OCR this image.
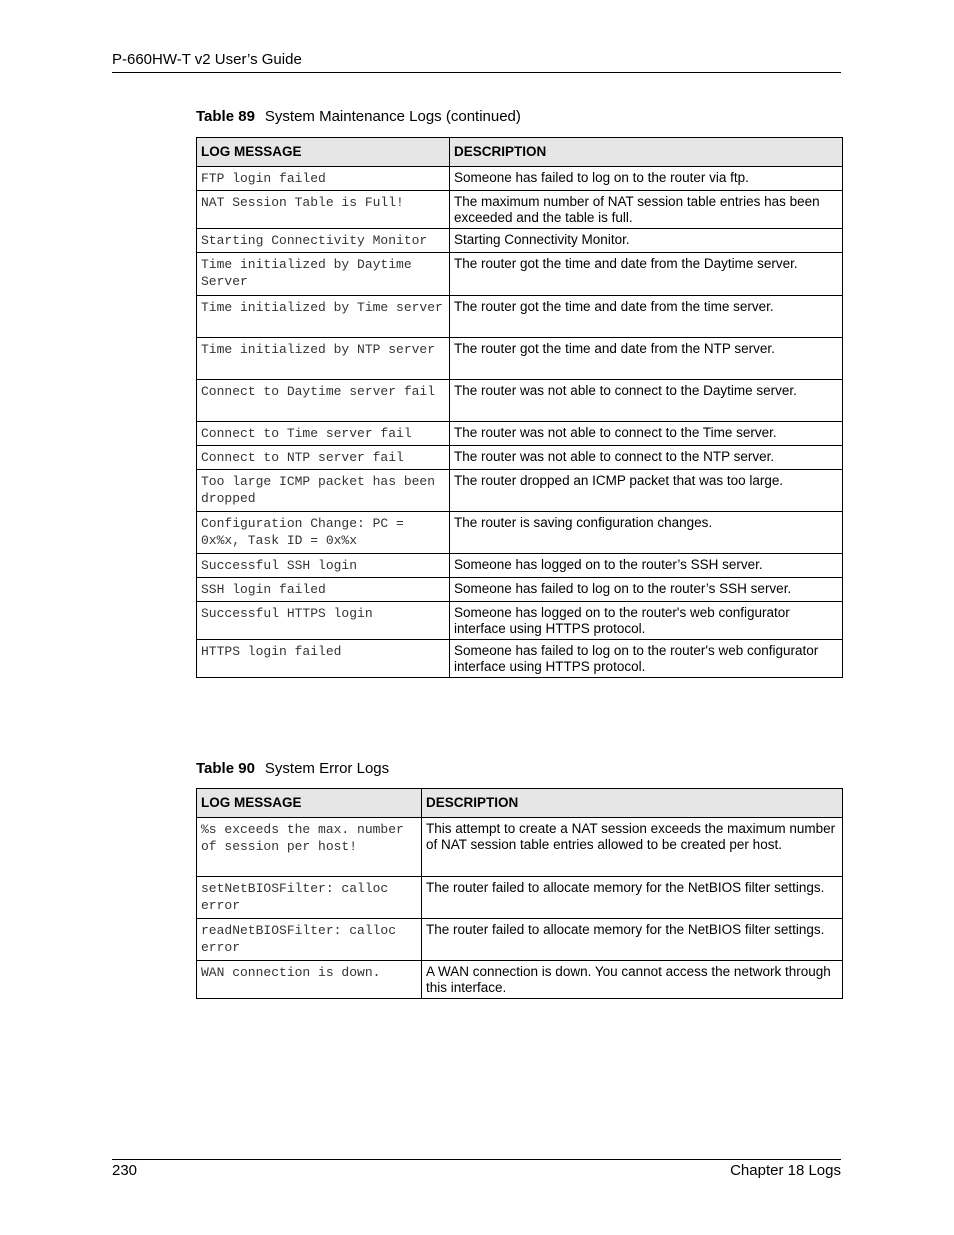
P-660HW-T v2 User’s Guide
Table 89 System Maintenance Logs (continued)
LOG MESSAGE	DESCRIPTION
FTP login failed	Someone has failed to log on to the router via ftp.
NAT Session Table is Full!	The maximum number of NAT session table entries has been exceeded and the table is full.
Starting Connectivity Monitor	Starting Connectivity Monitor.
Time initialized by Daytime Server	The router got the time and date from the Daytime server.
Time initialized by Time server	The router got the time and date from the time server.
Time initialized by NTP server	The router got the time and date from the NTP server.
Connect to Daytime server fail	The router was not able to connect to the Daytime server.
Connect to Time server fail	The router was not able to connect to the Time server.
Connect to NTP server fail	The router was not able to connect to the NTP server.
Too large ICMP packet has been dropped	The router dropped an ICMP packet that was too large.
Configuration Change: PC = 0x%x, Task ID = 0x%x	The router is saving configuration changes.
Successful SSH login	Someone has logged on to the router’s SSH server.
SSH login failed	Someone has failed to log on to the router’s SSH server.
Successful HTTPS login	Someone has logged on to the router's web configurator interface using HTTPS protocol.
HTTPS login failed	Someone has failed to log on to the router's web configurator interface using HTTPS protocol.
Table 90 System Error Logs
LOG MESSAGE	DESCRIPTION
%s exceeds the max. number of session per host!	This attempt to create a NAT session exceeds the maximum number of NAT session table entries allowed to be created per host.
setNetBIOSFilter: calloc error	The router failed to allocate memory for the NetBIOS filter settings.
readNetBIOSFilter: calloc error	The router failed to allocate memory for the NetBIOS filter settings.
WAN connection is down.	A WAN connection is down. You cannot access the network through this interface.
230	Chapter 18 Logs
